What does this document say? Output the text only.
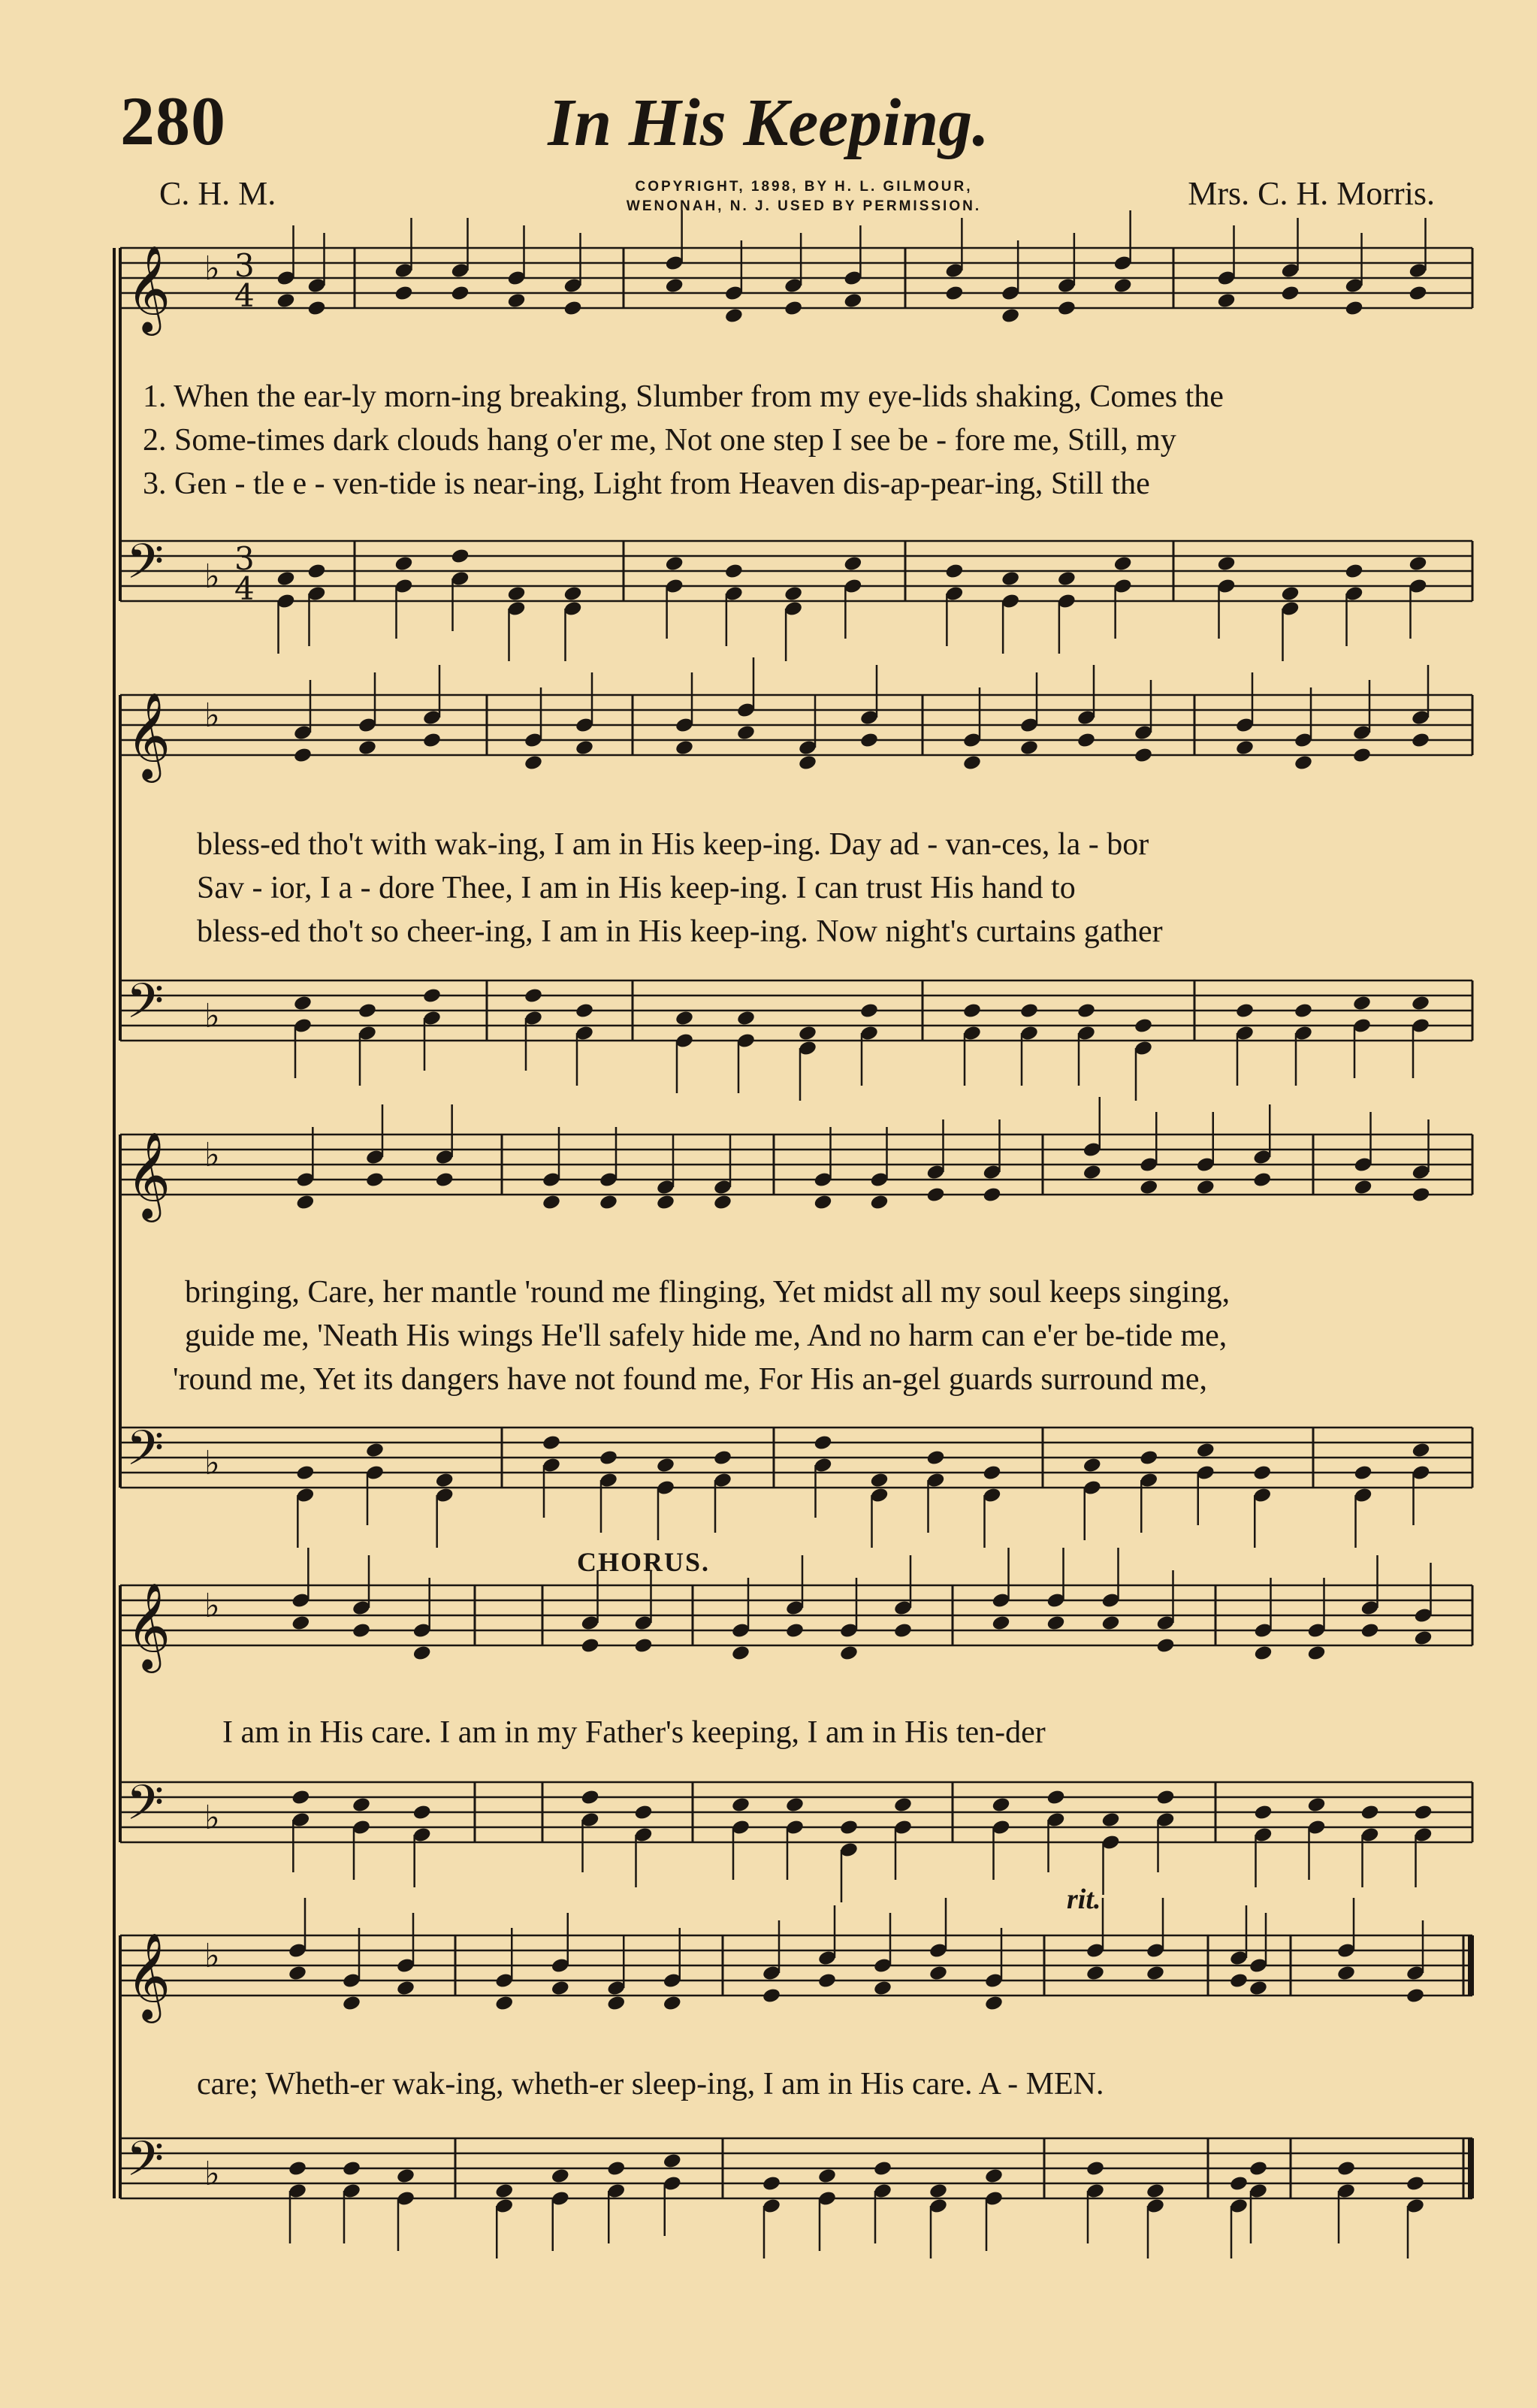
280	In His Keeping.
C. H. M.	COPYRIGHT, 1898, BY H. L. GILMOUR,
WENONAH, N. J. USED BY PERMISSION.	Mrs. C. H. Morris.
𝄞 ♭ 3
4
𝄢 ♭ 3
4
𝄞 ♭
𝄢 ♭
𝄞 ♭
𝄢 ♭
𝄞 ♭
𝄢 ♭
𝄞 ♭
𝄢 ♭
1. When the ear-ly morn-ing breaking, Slumber from my eye-lids shaking, Comes the
2. Some-times dark clouds hang o'er me, Not one step I see be - fore me, Still, my
3. Gen - tle e - ven-tide is near-ing, Light from Heaven dis-ap-pear-ing, Still the
bless-ed tho't with wak-ing, I am in His keep-ing. Day ad - van-ces, la - bor
Sav - ior, I a - dore Thee, I am in His keep-ing. I can trust His hand to
bless-ed tho't so cheer-ing, I am in His keep-ing. Now night's curtains gather
bringing, Care, her mantle 'round me flinging, Yet midst all my soul keeps singing,
guide me, 'Neath His wings He'll safely hide me, And no harm can e'er be-tide me,
'round me, Yet its dangers have not found me, For His an-gel guards surround me,
CHORUS.
I am in His care. I am in my Father's keeping, I am in His ten-der
rit.
care; Wheth-er wak-ing, wheth-er sleep-ing, I am in His care. A - MEN.
